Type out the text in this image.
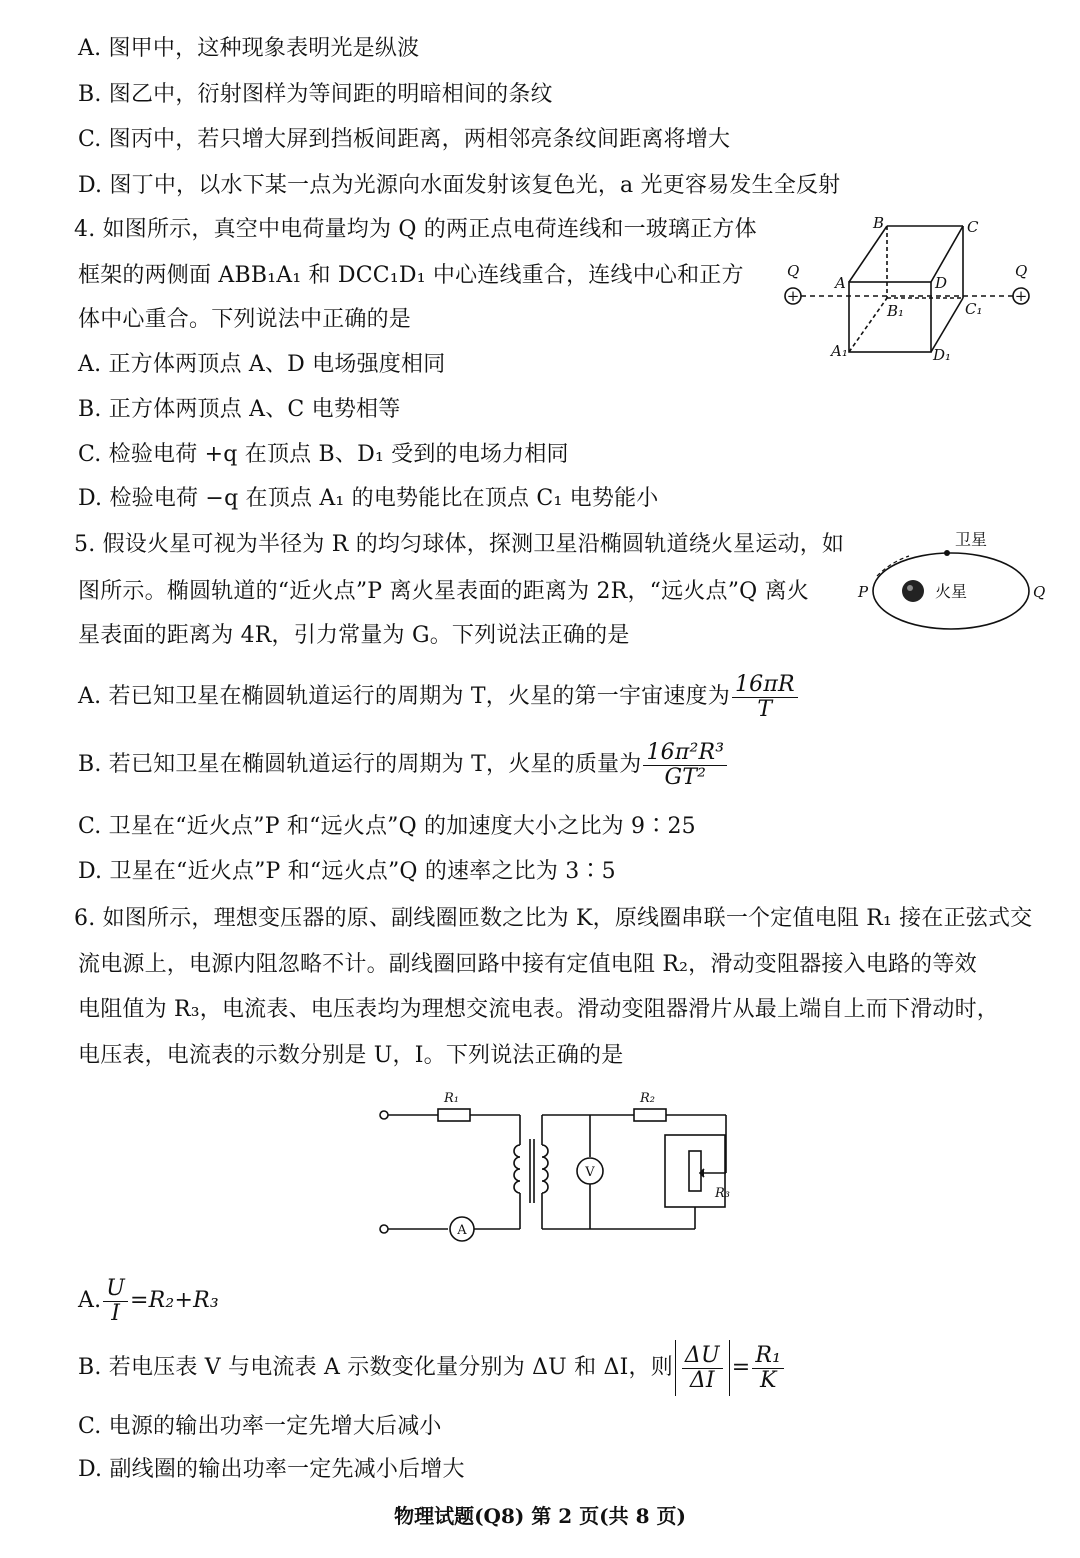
A. 图甲中，这种现象表明光是纵波
B. 图乙中，衍射图样为等间距的明暗相间的条纹
C. 图丙中，若只增大屏到挡板间距离，两相邻亮条纹间距离将增大
D. 图丁中，以水下某一点为光源向水面发射该复色光，a 光更容易发生全反射
4. 如图所示，真空中电荷量均为 Q 的两正点电荷连线和一玻璃正方体
框架的两侧面 ABB₁A₁ 和 DCC₁D₁ 中心连线重合，连线中心和正方
体中心重合。下列说法中正确的是
A. 正方体两顶点 A、D 电场强度相同
B. 正方体两顶点 A、C 电势相等
C. 检验电荷 +q 在顶点 B、D₁ 受到的电场力相同
D. 检验电荷 −q 在顶点 A₁ 的电势能比在顶点 C₁ 电势能小
Q	Q
A
B	C
D
A₁
B₁	C₁
D₁
+	+
5. 假设火星可视为半径为 R 的均匀球体，探测卫星沿椭圆轨道绕火星运动，如
图所示。椭圆轨道的“近火点”P 离火星表面的距离为 2R，“远火点”Q 离火
星表面的距离为 4R，引力常量为 G。下列说法正确的是
A. 若已知卫星在椭圆轨道运行的周期为 T，火星的第一宇宙速度为 $\frac{16\pi R}{T}$
B. 若已知卫星在椭圆轨道运行的周期为 T，火星的质量为 $\frac{\text{16π²R³}}{\text{GT²}}$
C. 卫星在“近火点”P 和“远火点”Q 的加速度大小之比为 9∶25
D. 卫星在“近火点”P 和“远火点”Q 的速率之比为 3∶5
卫星
火星
P	Q
6. 如图所示，理想变压器的原、副线圈匝数之比为 K，原线圈串联一个定值电阻 R₁ 接在正弦式交
流电源上，电源内阻忽略不计。副线圈回路中接有定值电阻 R₂，滑动变阻器接入电路的等效
电阻值为 R₃，电流表、电压表均为理想交流电表。滑动变阻器滑片从最上端自上而下滑动时，
电压表，电流表的示数分别是 U，I。下列说法正确的是
R₁	R₂
R₃
V
A
A. $\frac{U}{I} =R_2+R_3$
B. 若电压表 V 与电流表 A 示数变化量分别为 ΔU 和 ΔI，则 $\frac{\Delta U}{\Delta I} = \frac{\text{R₁}}{K}$
C. 电源的输出功率一定先增大后减小
D. 副线圈的输出功率一定先减小后增大
物理试题(Q8) 第 2 页(共 8 页)
